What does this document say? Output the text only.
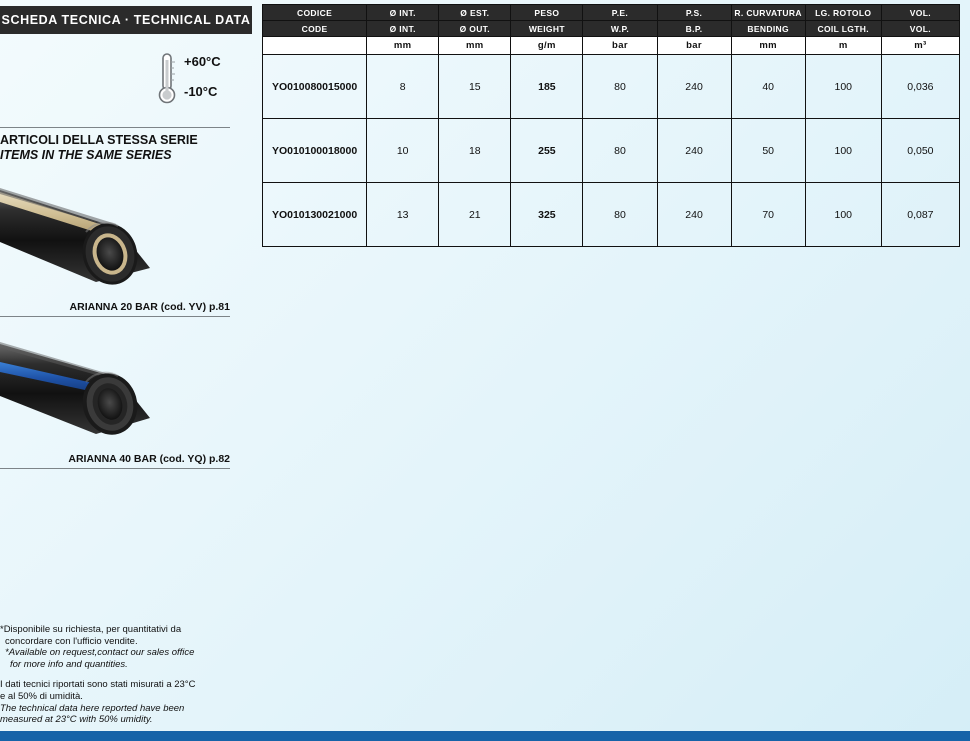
SCHEDA TECNICA · TECHNICAL DATA
+60°C
-10°C
ARTICOLI DELLA STESSA SERIE
ITEMS IN THE SAME SERIES
ARIANNA 20 BAR (cod. YV) p.81
ARIANNA 40 BAR (cod. YQ) p.82

*Disponibile su richiesta, per quantitativi da

concordare con l'ufficio vendite.

*Available on request,contact our sales office

for more info and quantities.

I dati tecnici riportati sono stati misurati a 23°C

e al 50% di umidità.

The technical data here reported have been

measured at 23°C with 50% umidity.

CODICE	Ø INT.	Ø EST.	PESO	P.E.	P.S.	R. CURVATURA	LG. ROTOLO	VOL.
CODE	Ø INT.	Ø OUT.	WEIGHT	W.P.	B.P.	BENDING	COIL LGTH.	VOL.
	mm	mm	g/m	bar	bar	mm	m	m³
YO010080015000	8	15	185	80	240	40	100	0,036
YO010100018000	10	18	255	80	240	50	100	0,050
YO010130021000	13	21	325	80	240	70	100	0,087
